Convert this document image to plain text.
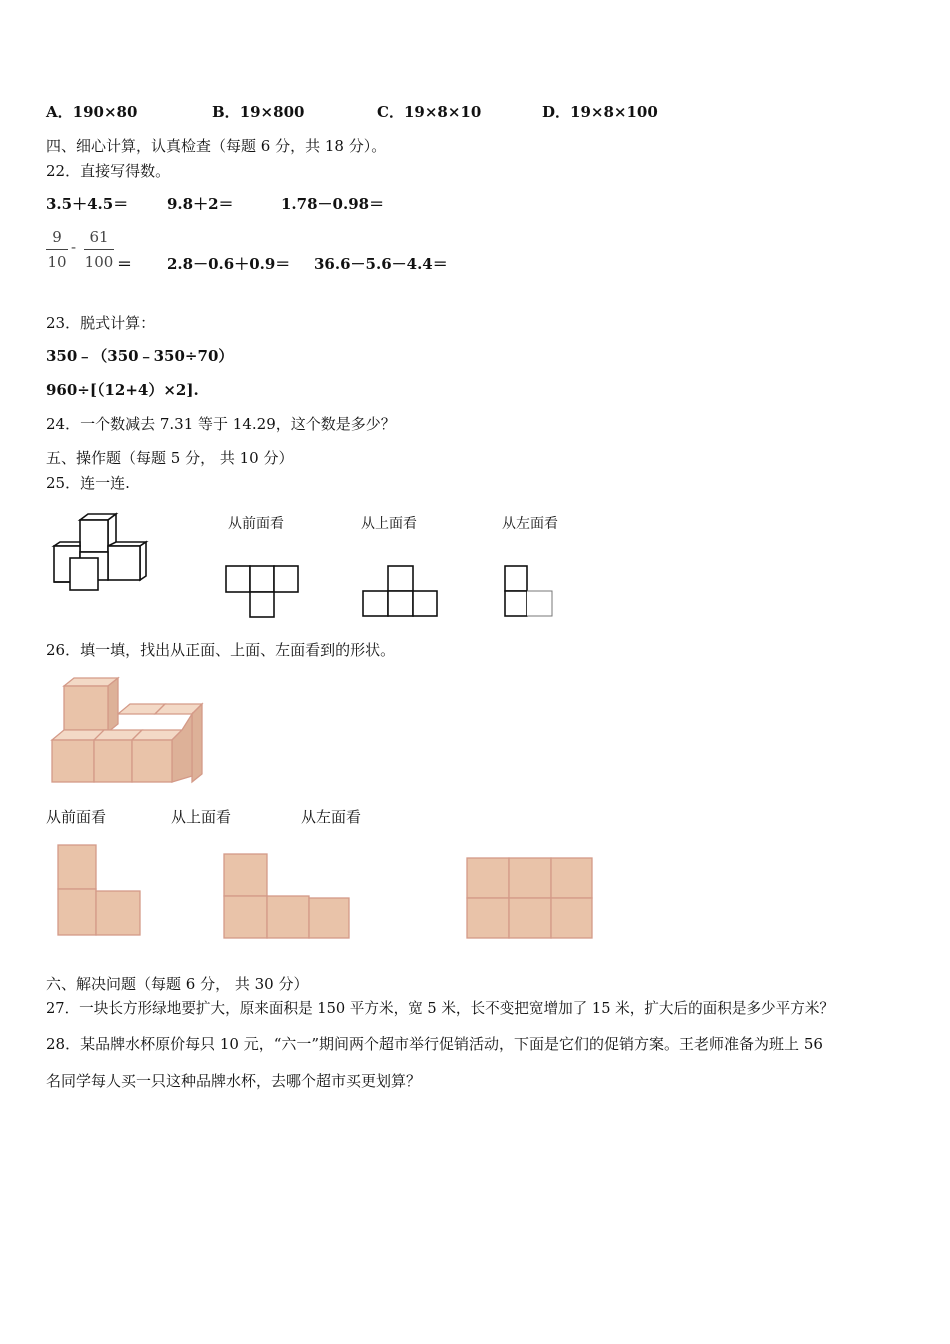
A．190×80	B．19×800	C．19×8×10	D．19×8×100
四、细心计算，认真检查（每题 6 分，共 18 分）。
22．直接写得数。
3.5＋4.5＝	9.8＋2＝	1.78－0.98＝
9
10
-
61
100 ＝ 2.8－0.6＋0.9＝ 36.6－5.6－4.4＝
23．脱式计算：
350﹣（350﹣350÷70）
960÷[（12+4）×2].
24．一个数减去 7.31 等于 14.29，这个数是多少？
五、操作题（每题 5 分， 共 10 分）
25．连一连.
从前面看	从上面看	从左面看
26．填一填，找出从正面、上面、左面看到的形状。
从前面看	从上面看	从左面看
六、解决问题（每题 6 分， 共 30 分）
27．一块长方形绿地要扩大，原来面积是 150 平方米，宽 5 米，长不变把宽增加了 15 米，扩大后的面积是多少平方米？
28．某品牌水杯原价每只 10 元，“六一”期间两个超市举行促销活动，下面是它们的促销方案。王老师准备为班上 56
名同学每人买一只这种品牌水杯，去哪个超市买更划算？
